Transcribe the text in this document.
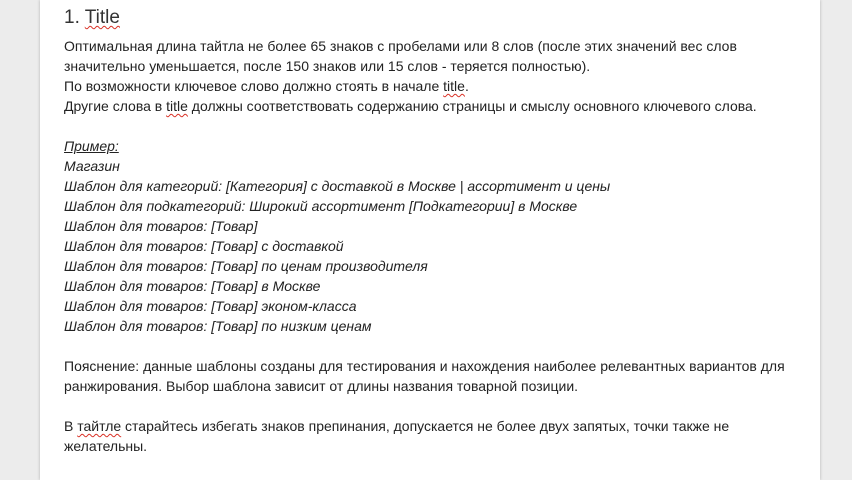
1. Title

Оптимальная длина тайтла не более 65 знаков с пробелами или 8 слов (после этих значений вес слов значительно уменьшается, после 150 знаков или 15 слов - теряется полностью).

По возможности ключевое слово должно стоять в начале title.

Другие слова в title должны соответствовать содержанию страницы и смыслу основного ключевого слова.

Пример:

Магазин

Шаблон для категорий: [Категория] с доставкой в Москве | ассортимент и цены

Шаблон для подкатегорий: Широкий ассортимент [Подкатегории] в Москве

Шаблон для товаров: [Товар]

Шаблон для товаров: [Товар] с доставкой

Шаблон для товаров: [Товар] по ценам производителя

Шаблон для товаров: [Товар] в Москве

Шаблон для товаров: [Товар] эконом-класса

Шаблон для товаров: [Товар] по низким ценам

Пояснение: данные шаблоны созданы для тестирования и нахождения наиболее релевантных вариантов для ранжирования. Выбор шаблона зависит от длины названия товарной позиции.

В тайтле старайтесь избегать знаков препинания, допускается не более двух запятых, точки также не желательны.
